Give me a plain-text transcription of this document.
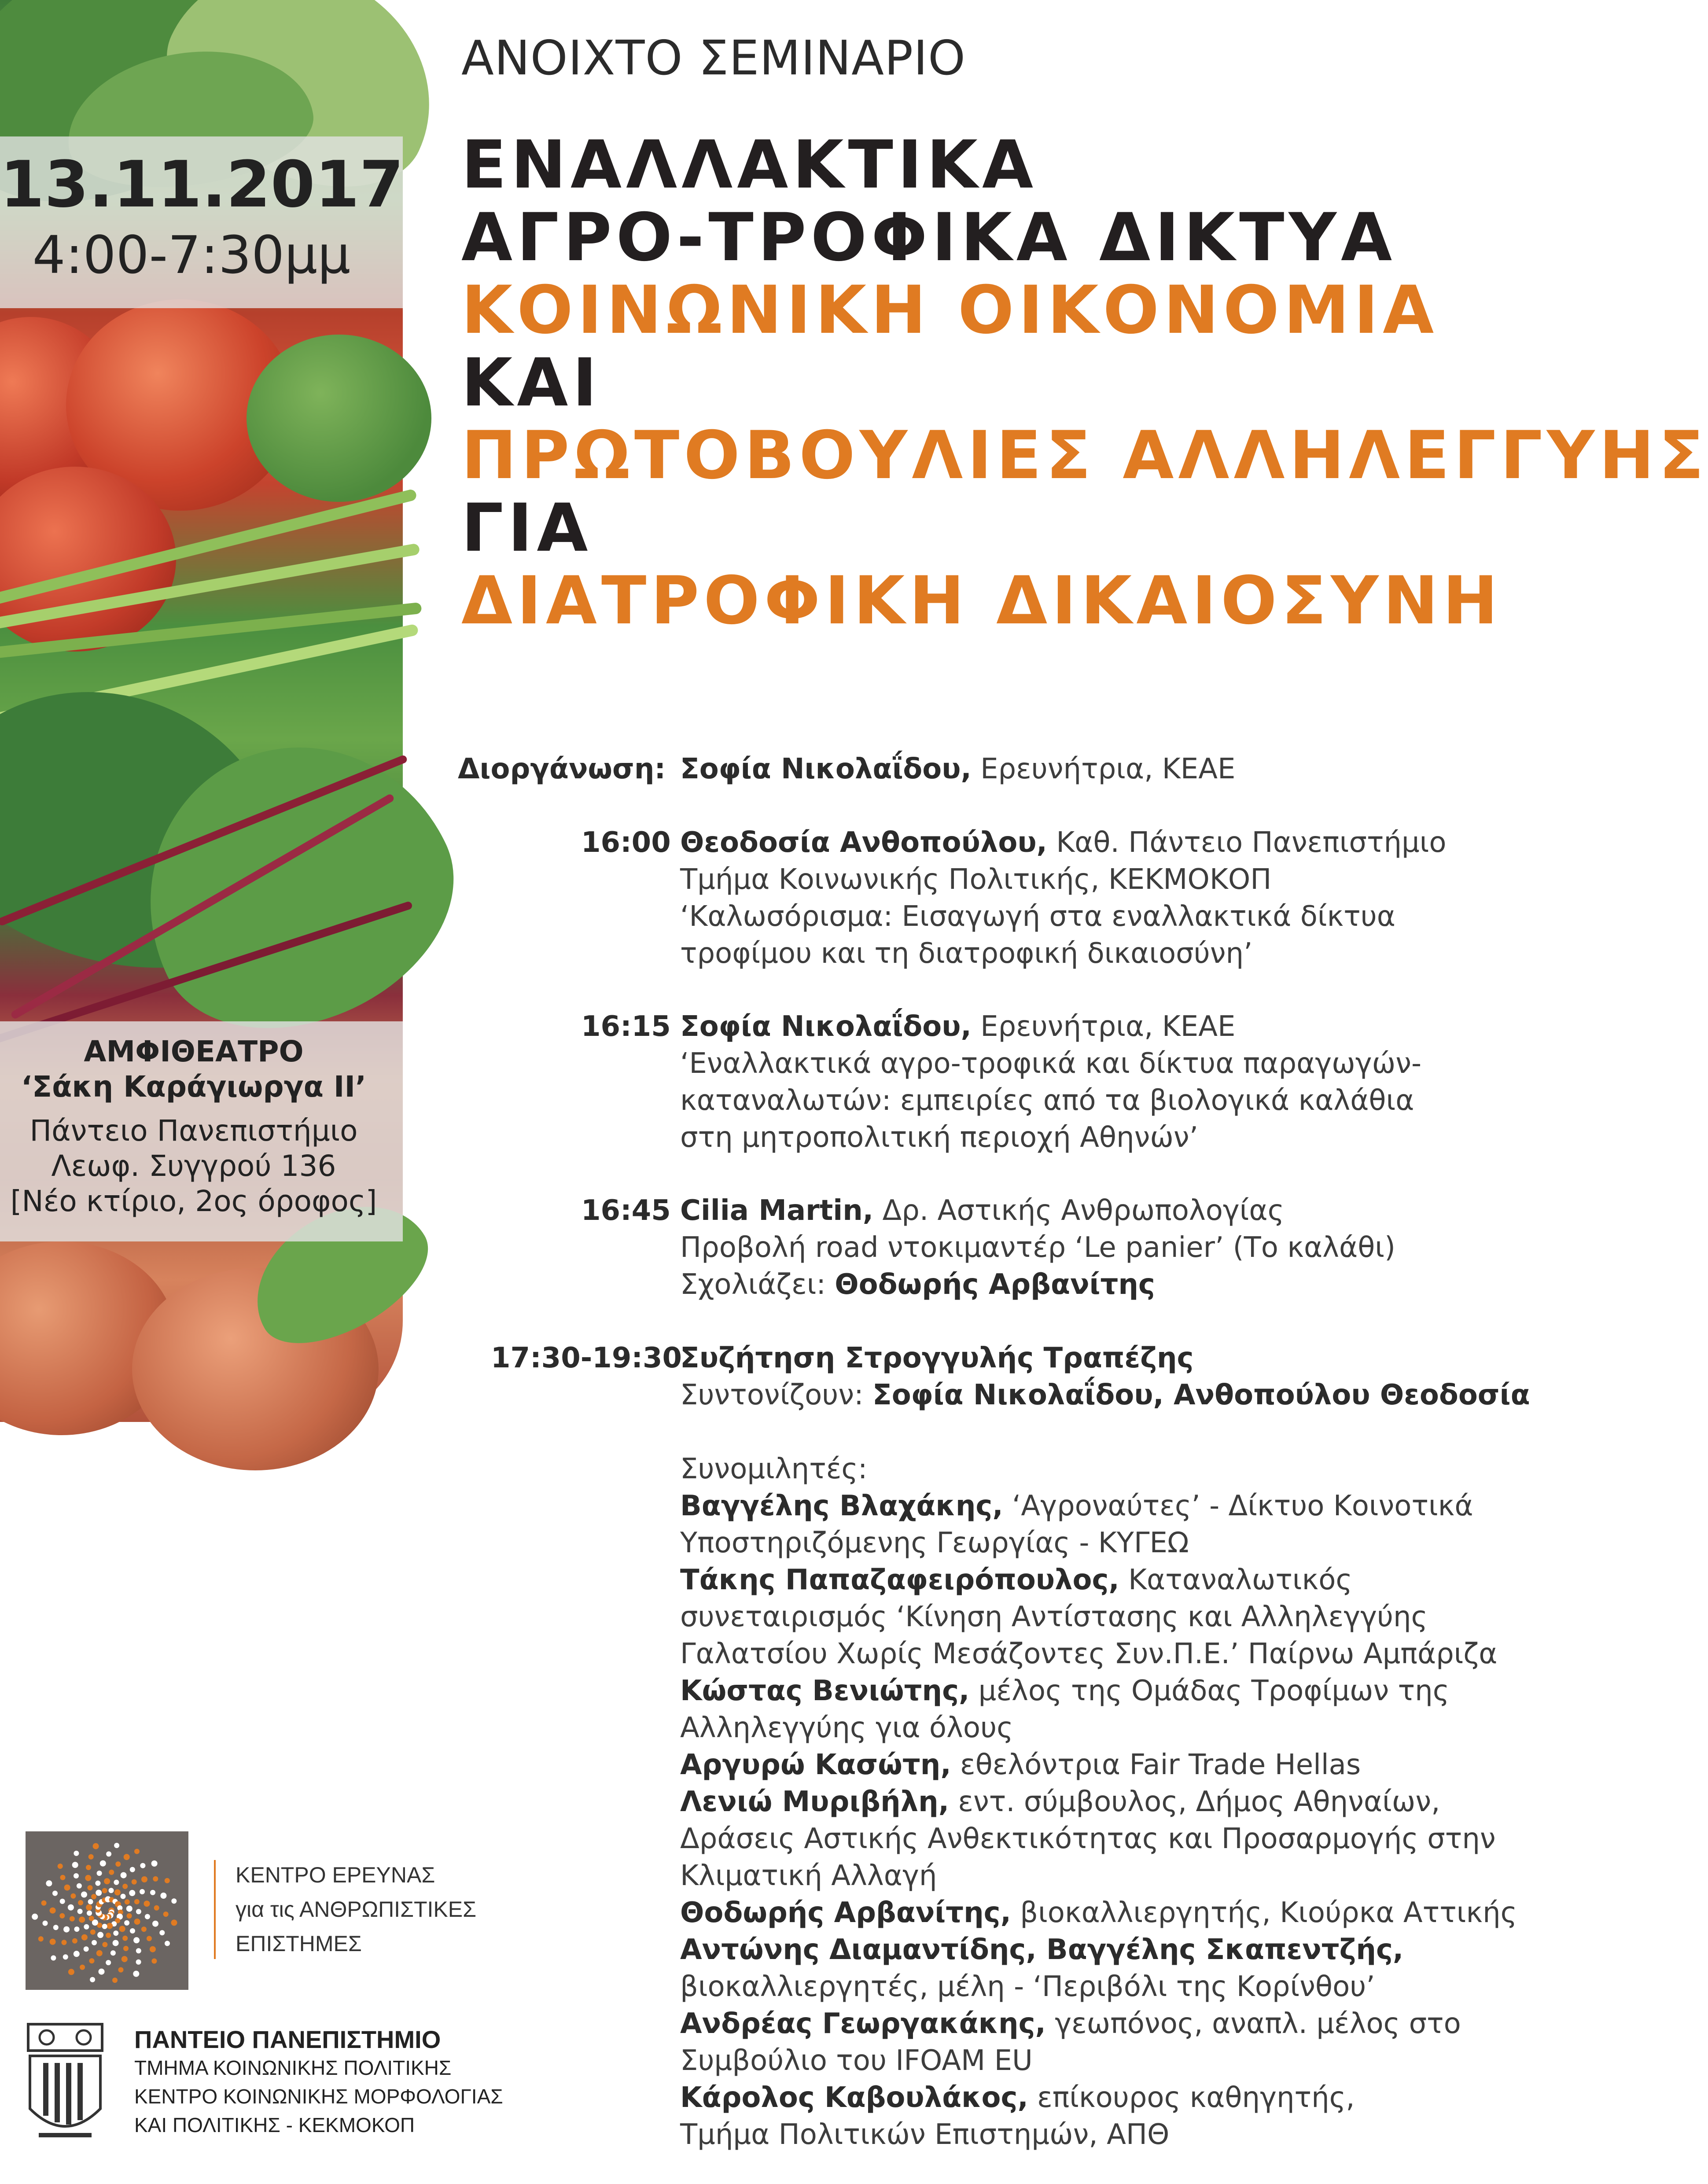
13.11.2017
4:00-7:30μμ
ΑΜΦΙΘΕΑΤΡΟ
‘Σάκη Καράγιωργα ΙΙ’
Πάντειο Πανεπιστήμιο
Λεωφ. Συγγρού 136
[Νέο κτίριο, 2ος όροφος]
ΑΝΟΙΧΤΟ ΣΕΜΙΝΑΡΙΟ
ΕΝΑΛΛΑΚΤΙΚΑ
ΑΓΡΟ-ΤΡΟΦΙΚΑ ΔΙΚΤΥΑ
ΚΟΙΝΩΝΙΚΗ ΟΙΚΟΝΟΜΙΑ
ΚΑΙ
ΠΡΩΤΟΒΟΥΛΙΕΣ ΑΛΛΗΛΕΓΓΥΗΣ
ΓΙΑ
ΔΙΑΤΡΟΦΙΚΗ ΔΙΚΑΙΟΣΥΝΗ
Διοργάνωση: Σοφία Νικολαΐδου, Ερευνήτρια, ΚΕΑΕ
16:00 Θεοδοσία Ανθοπούλου, Καθ. Πάντειο Πανεπιστήμιο
Τμήμα Κοινωνικής Πολιτικής, ΚΕΚΜΟΚΟΠ
‘Καλωσόρισμα: Εισαγωγή στα εναλλακτικά δίκτυα
τροφίμου και τη διατροφική δικαιοσύνη’
16:15 Σοφία Νικολαΐδου, Ερευνήτρια, ΚΕΑΕ
‘Εναλλακτικά αγρο-τροφικά και δίκτυα παραγωγών-
καταναλωτών: εμπειρίες από τα βιολογικά καλάθια
στη μητροπολιτική περιοχή Αθηνών’
16:45 Cilia Martin, Δρ. Αστικής Ανθρωπολογίας
Προβολή road ντοκιμαντέρ ‘Le panier’ (Το καλάθι)
Σχολιάζει: Θοδωρής Αρβανίτης
17:30-19:30
Συζήτηση Στρογγυλής Τραπέζης
Συντονίζουν: Σοφία Νικολαΐδου, Ανθοπούλου Θεοδοσία
Συνομιλητές:
Βαγγέλης Βλαχάκης, ‘Αγροναύτες’ - Δίκτυο Κοινοτικά
Υποστηριζόμενης Γεωργίας - ΚΥΓΕΩ
Τάκης Παπαζαφειρόπουλος, Καταναλωτικός
συνεταιρισμός ‘Κίνηση Αντίστασης και Αλληλεγγύης
Γαλατσίου Χωρίς Μεσάζοντες Συν.Π.Ε.’ Παίρνω Αμπάριζα
Κώστας Βενιώτης, μέλος της Ομάδας Τροφίμων της
Αλληλεγγύης για όλους
Αργυρώ Κασώτη, εθελόντρια Fair Trade Hellas
Λενιώ Μυριβήλη, εντ. σύμβουλος, Δήμος Αθηναίων,
Δράσεις Αστικής Ανθεκτικότητας και Προσαρμογής στην
Κλιματική Αλλαγή
Θοδωρής Αρβανίτης, βιοκαλλιεργητής, Κιούρκα Αττικής
Αντώνης Διαμαντίδης, Βαγγέλης Σκαπεντζής,
βιοκαλλιεργητές, μέλη - ‘Περιβόλι της Κορίνθου’
Ανδρέας Γεωργακάκης, γεωπόνος, αναπλ. μέλος στο
Συμβούλιο του IFOAM EU
Κάρολος Καβουλάκος, επίκουρος καθηγητής,
Τμήμα Πολιτικών Επιστημών, ΑΠΘ
ΚΕΝΤΡΟ ΕΡΕΥΝΑΣ
για τις ΑΝΘΡΩΠΙΣΤΙΚΕΣ
ΕΠΙΣΤΗΜΕΣ
ΠΑΝΤΕΙΟ ΠΑΝΕΠΙΣΤΗΜΙΟ
ΤΜΗΜΑ ΚΟΙΝΩΝΙΚΗΣ ΠΟΛΙΤΙΚΗΣ
ΚΕΝΤΡΟ ΚΟΙΝΩΝΙΚΗΣ ΜΟΡΦΟΛΟΓΙΑΣ
ΚΑΙ ΠΟΛΙΤΙΚΗΣ - ΚΕΚΜΟΚΟΠ
